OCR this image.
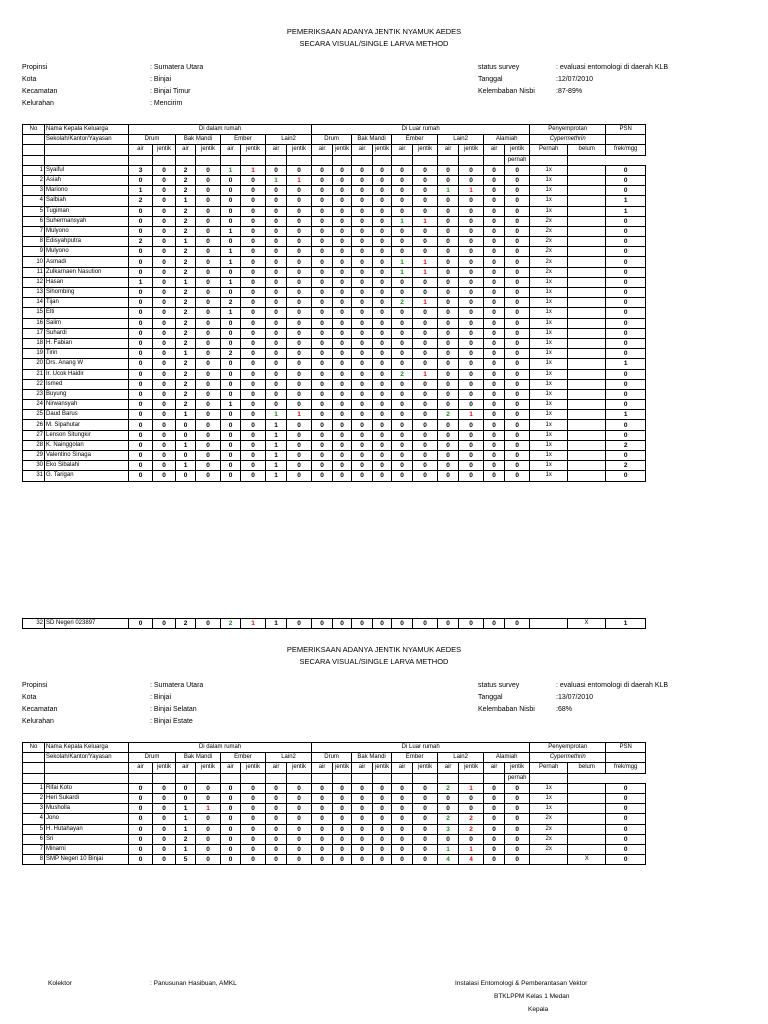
PEMERIKSAAN ADANYA JENTIK NYAMUK AEDES
SECARA VISUAL/SINGLE LARVA METHOD
Propinsi	: Sumatera Utara
Kota	: Binjai
Kecamatan	: Binjai Timur
Kelurahan	: Mencirim
status survey	: evaluasi entomologi di daerah KLB
Tanggal	:12/07/2010
Kelembaban Nisbi	:87-89%
No	Nama Kepala Keluarga	Di dalam rumah								Di Luar rumah										Penyemprotan		PSN
	Sekolah/Kantor/Yayasan	Drum		Bak Mandi		Ember		Lain2		Drum		Bak Mandi		Ember		Lain2		Alamiah		Cypermethrin		
		air	jentik	air	jentik	air	jentik	air	jentik	air	jentik	air	jentik	air	jentik	air	jentik	air	jentik	Pernah	belum	frek/mgg
																			pernah			
1	Syaiful	3	0	2	0	1	1	0	0	0	0	0	0	0	0	0	0	0	0	1x		0
2	Asiah	0	0	2	0	0	0	1	1	0	0	0	0	0	0	0	0	0	0	1x		0
3	Mariono	1	0	2	0	0	0	0	0	0	0	0	0	0	0	1	1	0	0	1x		0
4	Salbiah	2	0	1	0	0	0	0	0	0	0	0	0	0	0	0	0	0	0	1x		1
5	Tugiman	0	0	2	0	0	0	0	0	0	0	0	0	0	0	0	0	0	0	1x		1
6	Suhermansyah	0	0	2	0	0	0	0	0	0	0	0	0	1	1	0	0	0	0	2x		0
7	Mulyono	0	0	2	0	1	0	0	0	0	0	0	0	0	0	0	0	0	0	2x		0
8	Edisyahputra	2	0	1	0	0	0	0	0	0	0	0	0	0	0	0	0	0	0	2x		0
9	Mulyono	0	0	2	0	1	0	0	0	0	0	0	0	0	0	0	0	0	0	2x		0
10	Asmadi	0	0	2	0	1	0	0	0	0	0	0	0	1	1	0	0	0	0	2x		0
11	Zulkarnaen Nasution	0	0	2	0	0	0	0	0	0	0	0	0	1	1	0	0	0	0	2x		0
12	Hasan	1	0	1	0	1	0	0	0	0	0	0	0	0	0	0	0	0	0	1x		0
13	Sihombing	0	0	2	0	0	0	0	0	0	0	0	0	0	0	0	0	0	0	1x		0
14	Tijan	0	0	2	0	2	0	0	0	0	0	0	0	2	1	0	0	0	0	1x		0
15	Elti	0	0	2	0	1	0	0	0	0	0	0	0	0	0	0	0	0	0	1x		0
16	Salim	0	0	2	0	0	0	0	0	0	0	0	0	0	0	0	0	0	0	1x		0
17	Suhardi	0	0	2	0	0	0	0	0	0	0	0	0	0	0	0	0	0	0	1x		0
18	H. Fabian	0	0	2	0	0	0	0	0	0	0	0	0	0	0	0	0	0	0	1x		0
19	Tirin	0	0	1	0	2	0	0	0	0	0	0	0	0	0	0	0	0	0	1x		0
20	Drs. Anang W	0	0	2	0	0	0	0	0	0	0	0	0	0	0	0	0	0	0	1x		1
21	Ir. Ucok Haidir	0	0	2	0	0	0	0	0	0	0	0	0	2	1	0	0	0	0	1x		0
22	Ismed	0	0	2	0	0	0	0	0	0	0	0	0	0	0	0	0	0	0	1x		0
23	Buyung	0	0	2	0	0	0	0	0	0	0	0	0	0	0	0	0	0	0	1x		0
24	Nirwansyah	0	0	2	0	1	0	0	0	0	0	0	0	0	0	0	0	0	0	1x		0
25	Daud Barus	0	0	1	0	0	0	1	1	0	0	0	0	0	0	2	1	0	0	1x		1
26	M. Sipahutar	0	0	0	0	0	0	1	0	0	0	0	0	0	0	0	0	0	0	1x		0
27	Lenson Situngkir	0	0	0	0	0	0	1	0	0	0	0	0	0	0	0	0	0	0	1x		0
28	K. Nainggolan	0	0	1	0	0	0	1	0	0	0	0	0	0	0	0	0	0	0	1x		2
29	Valentino Sinaga	0	0	0	0	0	0	1	0	0	0	0	0	0	0	0	0	0	0	1x		0
30	Eko Sibalahi	0	0	1	0	0	0	1	0	0	0	0	0	0	0	0	0	0	0	1x		2
31	G. Tarigan	0	0	0	0	0	0	1	0	0	0	0	0	0	0	0	0	0	0	1x		0
32	SD Negeri 023897	0	0	2	0	2	1	1	0	0	0	0	0	0	0	0	0	0	0		X	1
PEMERIKSAAN ADANYA JENTIK NYAMUK AEDES
SECARA VISUAL/SINGLE LARVA METHOD
Propinsi	: Sumatera Utara
Kota	: Binjai
Kecamatan	: Binjai Selatan
Kelurahan	: Binjai Estate
status survey	: evaluasi entomologi di daerah KLB
Tanggal	:13/07/2010
Kelembaban Nisbi	:68%
No	Nama Kepala Keluarga	Di dalam rumah								Di Luar rumah										Penyemprotan		PSN
	Sekolah/Kantor/Yayasan	Drum		Bak Mandi		Ember		Lain2		Drum		Bak Mandi		Ember		Lain2		Alamiah		Cypermethrin		
		air	jentik	air	jentik	air	jentik	air	jentik	air	jentik	air	jentik	air	jentik	air	jentik	air	jentik	Pernah	belum	frek/mgg
																			pernah			
1	Rifai Koto	0	0	0	0	0	0	0	0	0	0	0	0	0	0	2	1	0	0	1x		0
2	Heri Sukardi	0	0	0	0	0	0	0	0	0	0	0	0	0	0	0	0	0	0	1x		0
3	Musholla	0	0	1	1	0	0	0	0	0	0	0	0	0	0	0	0	0	0	1x		0
4	Jono	0	0	1	0	0	0	0	0	0	0	0	0	0	0	2	2	0	0	2x		0
5	H. Hutahayan	0	0	1	0	0	0	0	0	0	0	0	0	0	0	3	2	0	0	2x		0
6	Sri	0	0	2	0	0	0	0	0	0	0	0	0	0	0	0	0	0	0	2x		0
7	Minarni	0	0	1	0	0	0	0	0	0	0	0	0	0	0	1	1	0	0	2x		0
8	SMP Negeri 10 Binjai	0	0	5	0	0	0	0	0	0	0	0	0	0	0	4	4	0	0		X	0
Kolektor	: Panusunan Hasibuan, AMKL	Instalasi Entomologi & Pemberantasan Vektor
BTKLPPM Kelas 1 Medan
Kepala
